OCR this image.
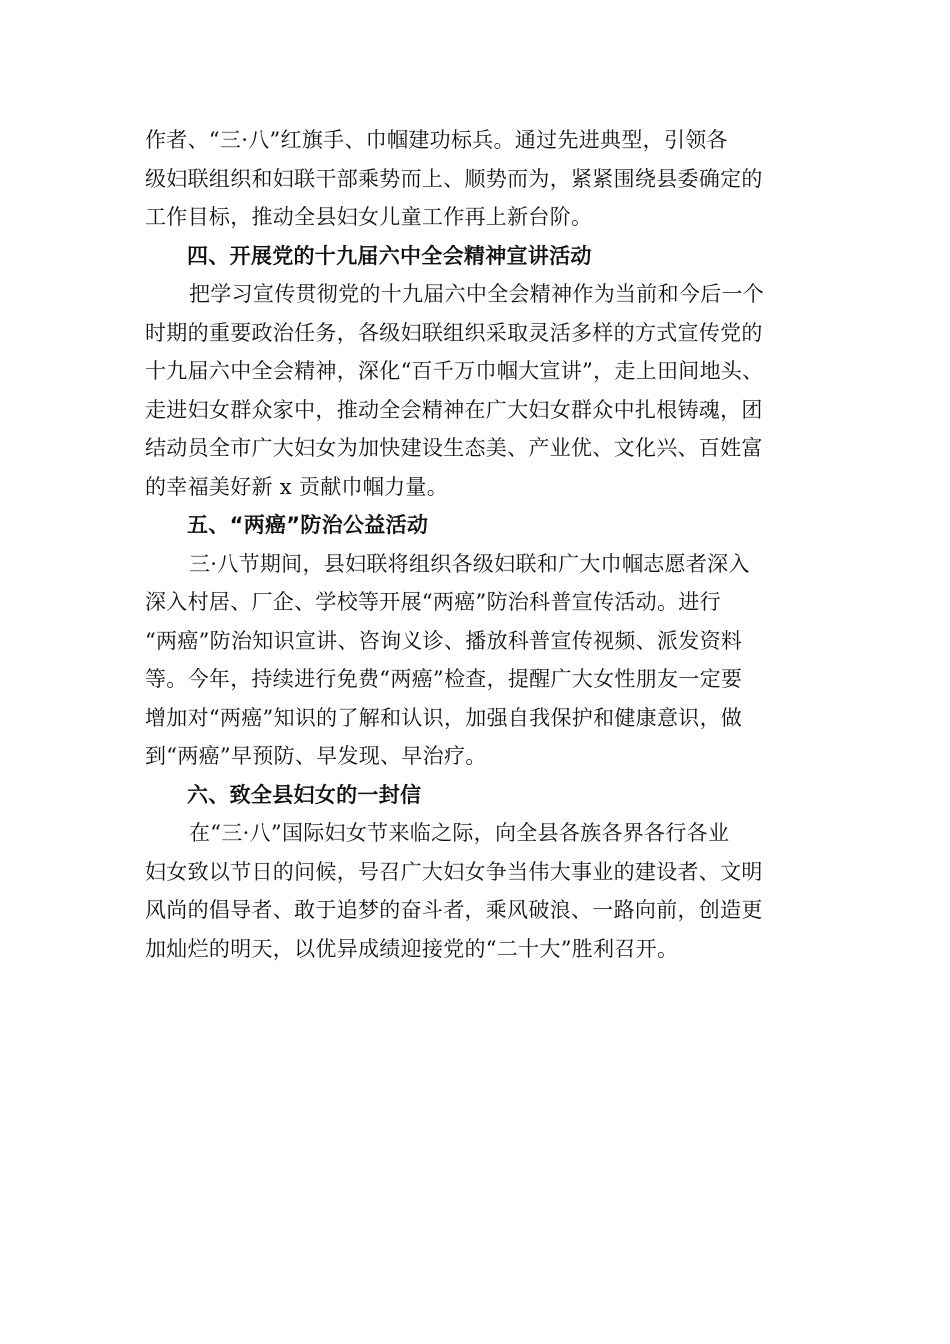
作者、“三·八”红旗手、巾帼建功标兵。通过先进典型，引领各
级妇联组织和妇联干部乘势而上、顺势而为，紧紧围绕县委确定的
工作目标，推动全县妇女儿童工作再上新台阶。
四、开展党的十九届六中全会精神宣讲活动
把学习宣传贯彻党的十九届六中全会精神作为当前和今后一个
时期的重要政治任务，各级妇联组织采取灵活多样的方式宣传党的
十九届六中全会精神，深化“百千万巾帼大宣讲”，走上田间地头、
走进妇女群众家中，推动全会精神在广大妇女群众中扎根铸魂，团
结动员全市广大妇女为加快建设生态美、产业优、文化兴、百姓富
的幸福美好新 x 贡献巾帼力量。
五、“两癌”防治公益活动
三·八节期间，县妇联将组织各级妇联和广大巾帼志愿者深入
深入村居、厂企、学校等开展“两癌”防治科普宣传活动。进行
“两癌”防治知识宣讲、咨询义诊、播放科普宣传视频、派发资料
等。今年，持续进行免费“两癌”检查，提醒广大女性朋友一定要
增加对“两癌”知识的了解和认识，加强自我保护和健康意识，做
到“两癌”早预防、早发现、早治疗。
六、致全县妇女的一封信
在“三·八”国际妇女节来临之际，向全县各族各界各行各业
妇女致以节日的问候，号召广大妇女争当伟大事业的建设者、文明
风尚的倡导者、敢于追梦的奋斗者，乘风破浪、一路向前，创造更
加灿烂的明天，以优异成绩迎接党的“二十大”胜利召开。
